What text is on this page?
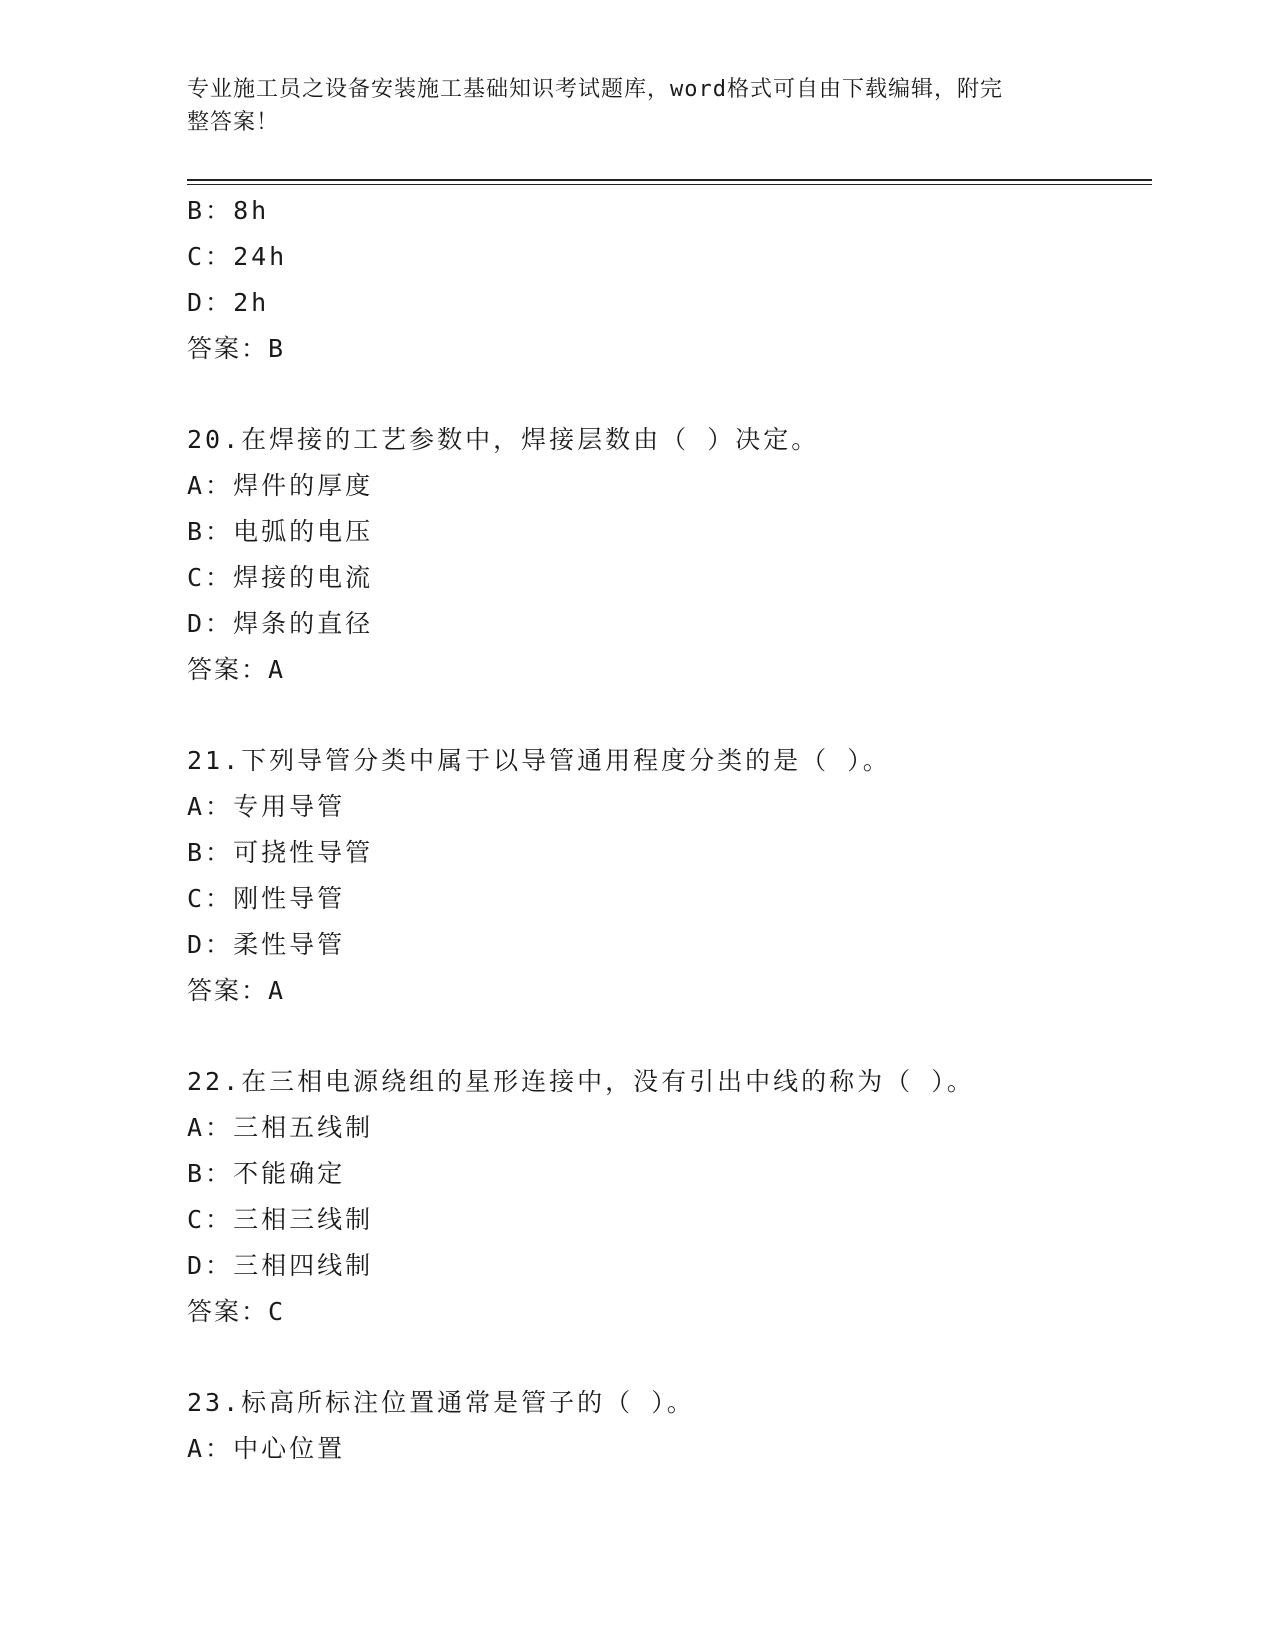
专业施工员之设备安装施工基础知识考试题库，word格式可自由下载编辑，附完
整答案！
B：8h
C：24h
D：2h
答案：B
20.在焊接的工艺参数中，焊接层数由（ ）决定。
A：焊件的厚度
B：电弧的电压
C：焊接的电流
D：焊条的直径
答案：A
21.下列导管分类中属于以导管通用程度分类的是（ ）。
A：专用导管
B：可挠性导管
C：刚性导管
D：柔性导管
答案：A
22.在三相电源绕组的星形连接中，没有引出中线的称为（ ）。
A：三相五线制
B：不能确定
C：三相三线制
D：三相四线制
答案：C
23.标高所标注位置通常是管子的（ ）。
A：中心位置
